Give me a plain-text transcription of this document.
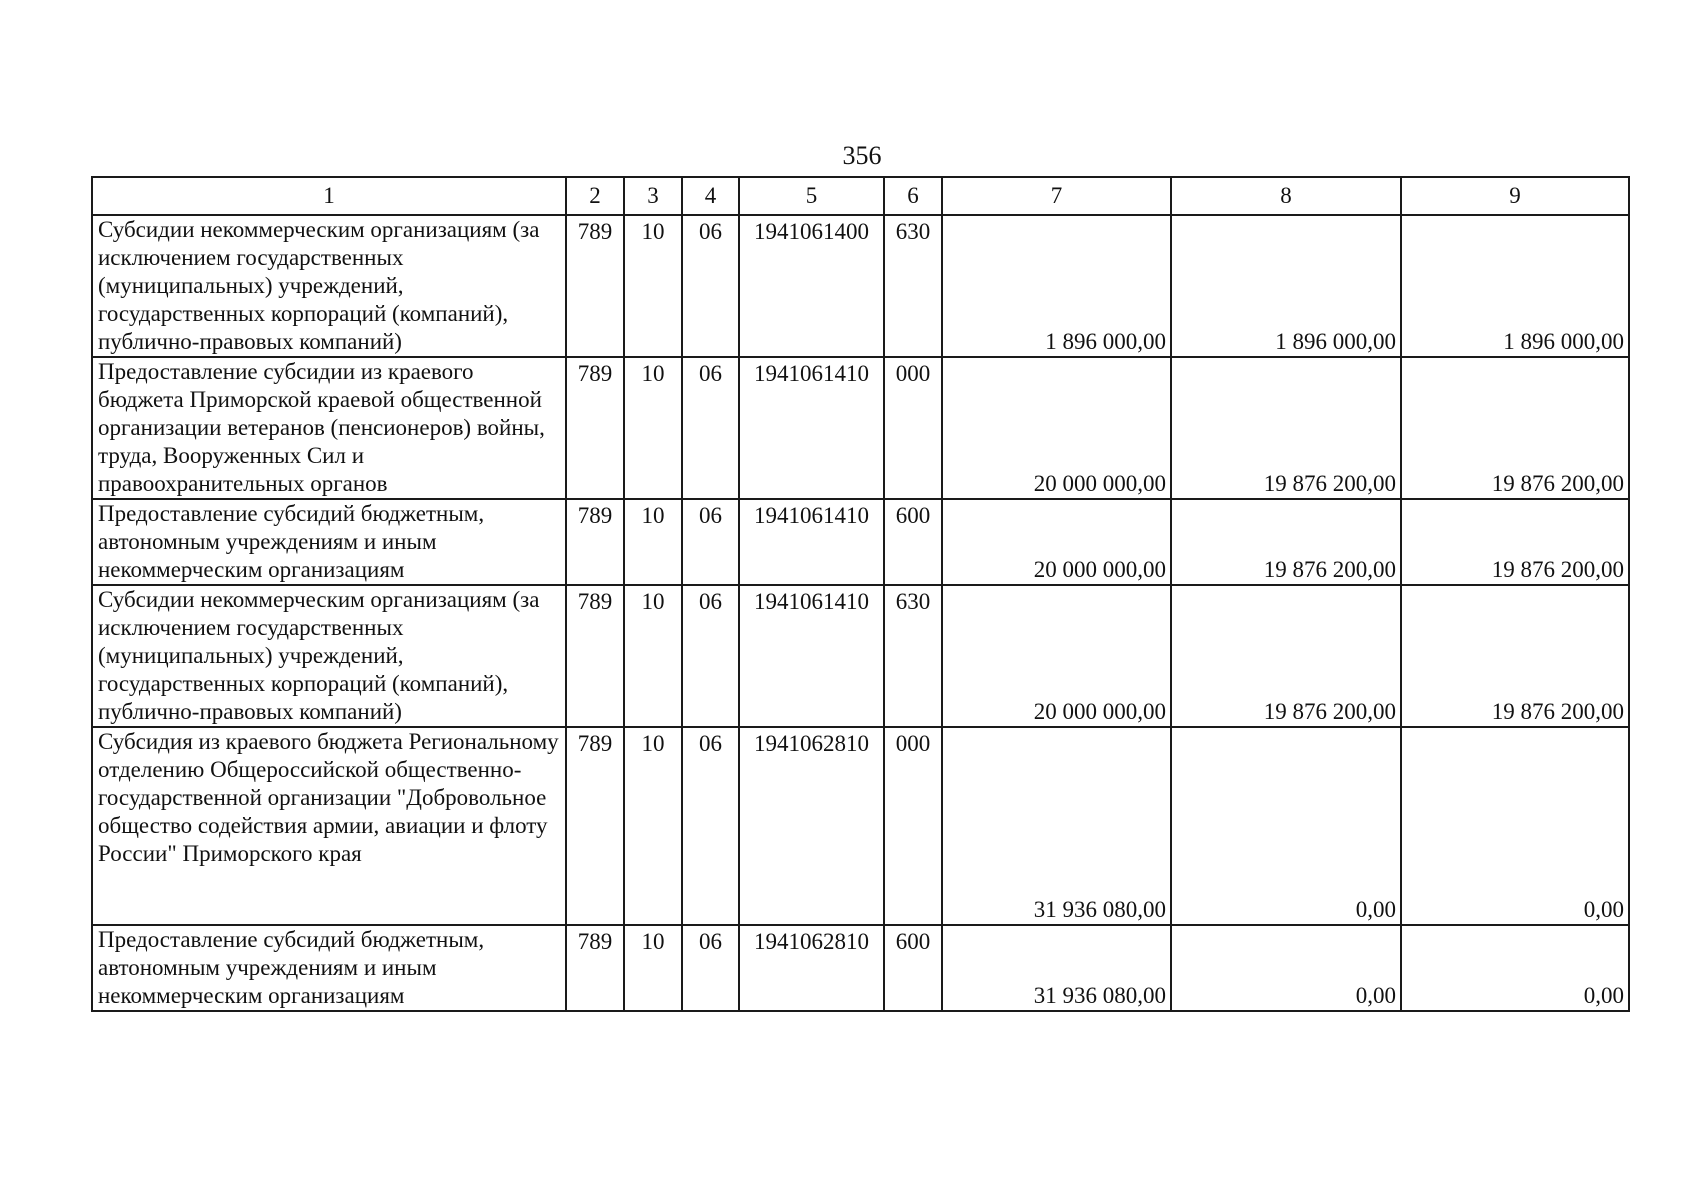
356
1	2	3	4	5	6	7	8	9
Субсидии некоммерческим организациям (за исключением государственных (муниципальных) учреждений, государственных корпораций (компаний), публично-правовых компаний)	789	10	06	1941061400	630	1 896 000,00	1 896 000,00	1 896 000,00
Предоставление субсидии из краевого бюджета Приморской краевой общественной организации ветеранов (пенсионеров) войны, труда, Вооруженных Сил и правоохранительных органов	789	10	06	1941061410	000	20 000 000,00	19 876 200,00	19 876 200,00
Предоставление субсидий бюджетным, автономным учреждениям и иным некоммерческим организациям	789	10	06	1941061410	600	20 000 000,00	19 876 200,00	19 876 200,00
Субсидии некоммерческим организациям (за исключением государственных (муниципальных) учреждений, государственных корпораций (компаний), публично-правовых компаний)	789	10	06	1941061410	630	20 000 000,00	19 876 200,00	19 876 200,00
Субсидия из краевого бюджета Региональному отделению Общероссийской общественно-государственной организации "Добровольное общество содействия армии, авиации и флоту России" Приморского края	789	10	06	1941062810	000	31 936 080,00	0,00	0,00
Предоставление субсидий бюджетным, автономным учреждениям и иным некоммерческим организациям	789	10	06	1941062810	600	31 936 080,00	0,00	0,00
